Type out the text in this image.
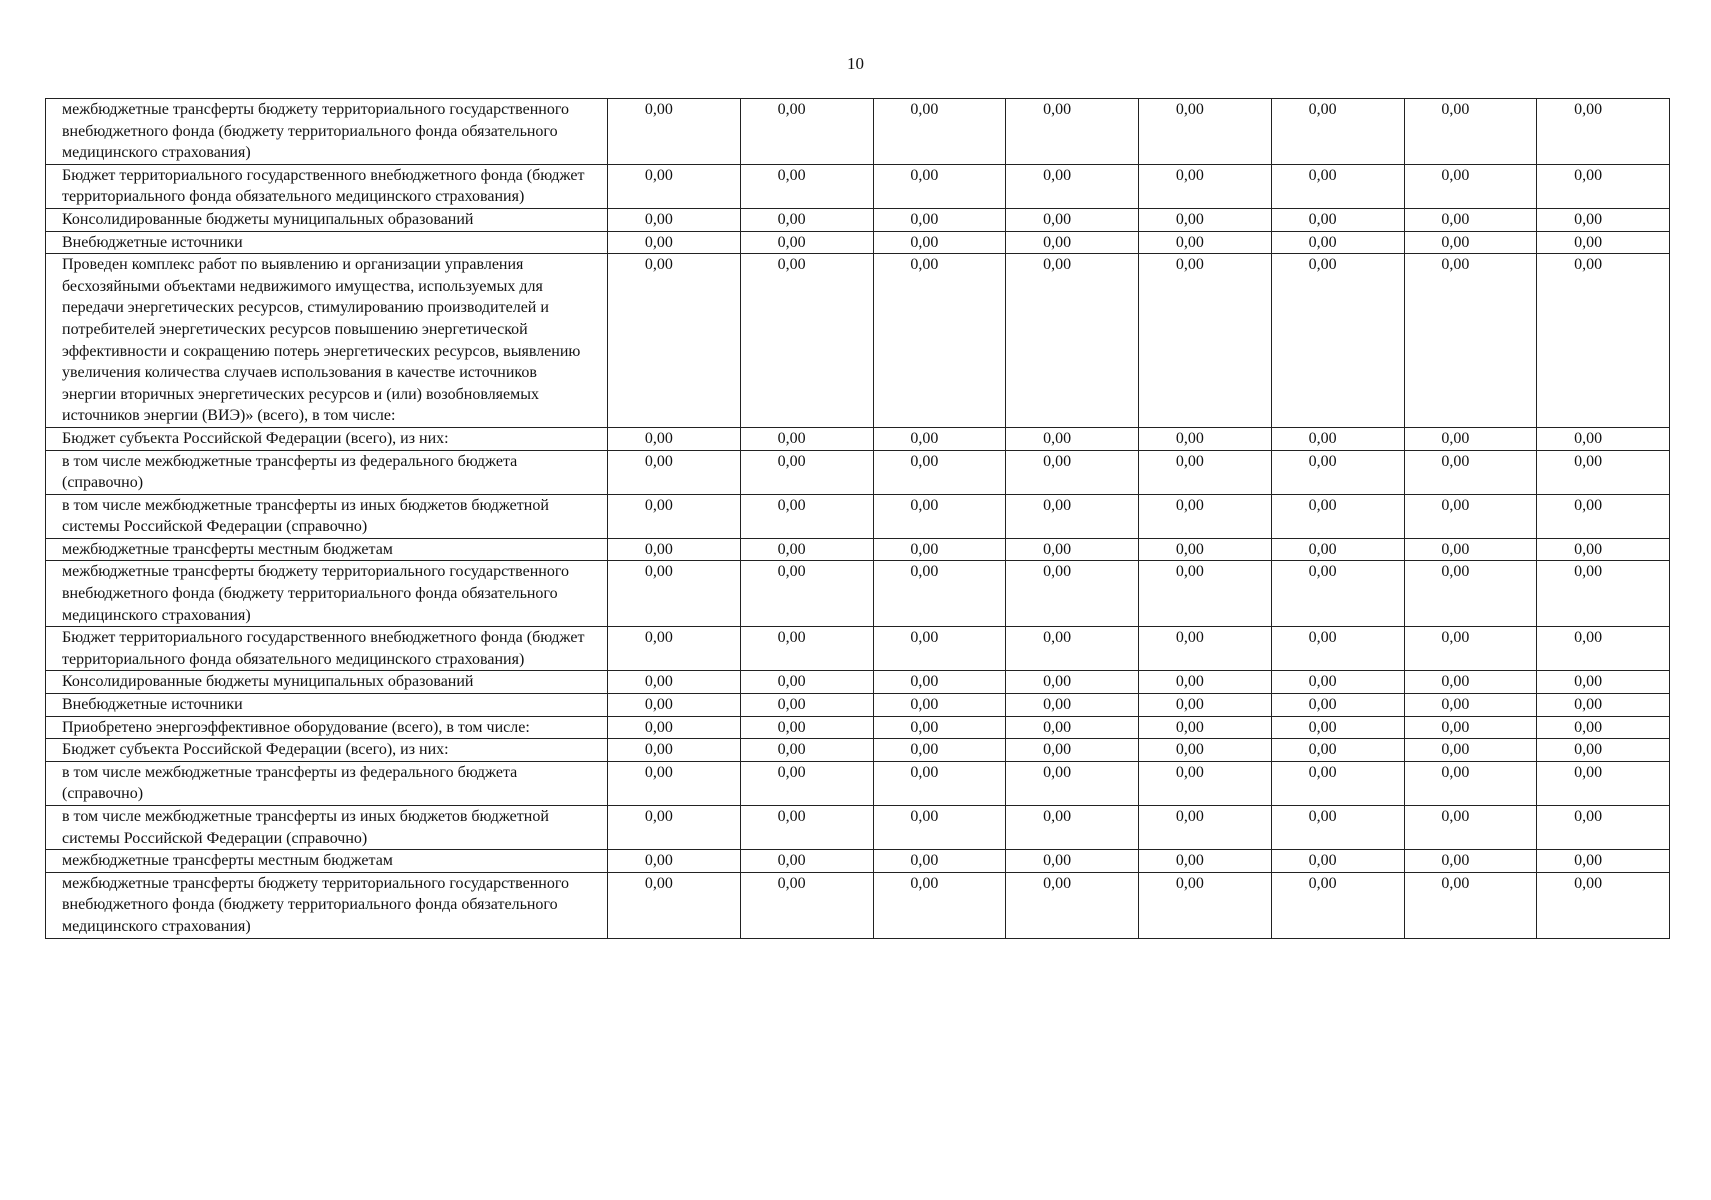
10
межбюджетные трансферты бюджету территориального государственного внебюджетного фонда (бюджету территориального фонда обязательного медицинского страхования)	0,00	0,00	0,00	0,00	0,00	0,00	0,00	0,00
Бюджет территориального государственного внебюджетного фонда (бюджет территориального фонда обязательного медицинского страхования)	0,00	0,00	0,00	0,00	0,00	0,00	0,00	0,00
Консолидированные бюджеты муниципальных образований	0,00	0,00	0,00	0,00	0,00	0,00	0,00	0,00
Внебюджетные источники	0,00	0,00	0,00	0,00	0,00	0,00	0,00	0,00
Проведен комплекс работ по выявлению и организации управления бесхозяйными объектами недвижимого имущества, используемых для передачи энергетических ресурсов, стимулированию производителей и потребителей энергетических ресурсов повышению энергетической эффективности и сокращению потерь энергетических ресурсов, выявлению увеличения количества случаев использования в качестве источников энергии вторичных энергетических ресурсов и (или) возобновляемых источников энергии (ВИЭ)» (всего), в том числе:	0,00	0,00	0,00	0,00	0,00	0,00	0,00	0,00
Бюджет субъекта Российской Федерации (всего), из них:	0,00	0,00	0,00	0,00	0,00	0,00	0,00	0,00
в том числе межбюджетные трансферты из федерального бюджета (справочно)	0,00	0,00	0,00	0,00	0,00	0,00	0,00	0,00
в том числе межбюджетные трансферты из иных бюджетов бюджетной системы Российской Федерации (справочно)	0,00	0,00	0,00	0,00	0,00	0,00	0,00	0,00
межбюджетные трансферты местным бюджетам	0,00	0,00	0,00	0,00	0,00	0,00	0,00	0,00
межбюджетные трансферты бюджету территориального государственного внебюджетного фонда (бюджету территориального фонда обязательного медицинского страхования)	0,00	0,00	0,00	0,00	0,00	0,00	0,00	0,00
Бюджет территориального государственного внебюджетного фонда (бюджет территориального фонда обязательного медицинского страхования)	0,00	0,00	0,00	0,00	0,00	0,00	0,00	0,00
Консолидированные бюджеты муниципальных образований	0,00	0,00	0,00	0,00	0,00	0,00	0,00	0,00
Внебюджетные источники	0,00	0,00	0,00	0,00	0,00	0,00	0,00	0,00
Приобретено энергоэффективное оборудование (всего), в том числе:	0,00	0,00	0,00	0,00	0,00	0,00	0,00	0,00
Бюджет субъекта Российской Федерации (всего), из них:	0,00	0,00	0,00	0,00	0,00	0,00	0,00	0,00
в том числе межбюджетные трансферты из федерального бюджета (справочно)	0,00	0,00	0,00	0,00	0,00	0,00	0,00	0,00
в том числе межбюджетные трансферты из иных бюджетов бюджетной системы Российской Федерации (справочно)	0,00	0,00	0,00	0,00	0,00	0,00	0,00	0,00
межбюджетные трансферты местным бюджетам	0,00	0,00	0,00	0,00	0,00	0,00	0,00	0,00
межбюджетные трансферты бюджету территориального государственного внебюджетного фонда (бюджету территориального фонда обязательного медицинского страхования)	0,00	0,00	0,00	0,00	0,00	0,00	0,00	0,00
